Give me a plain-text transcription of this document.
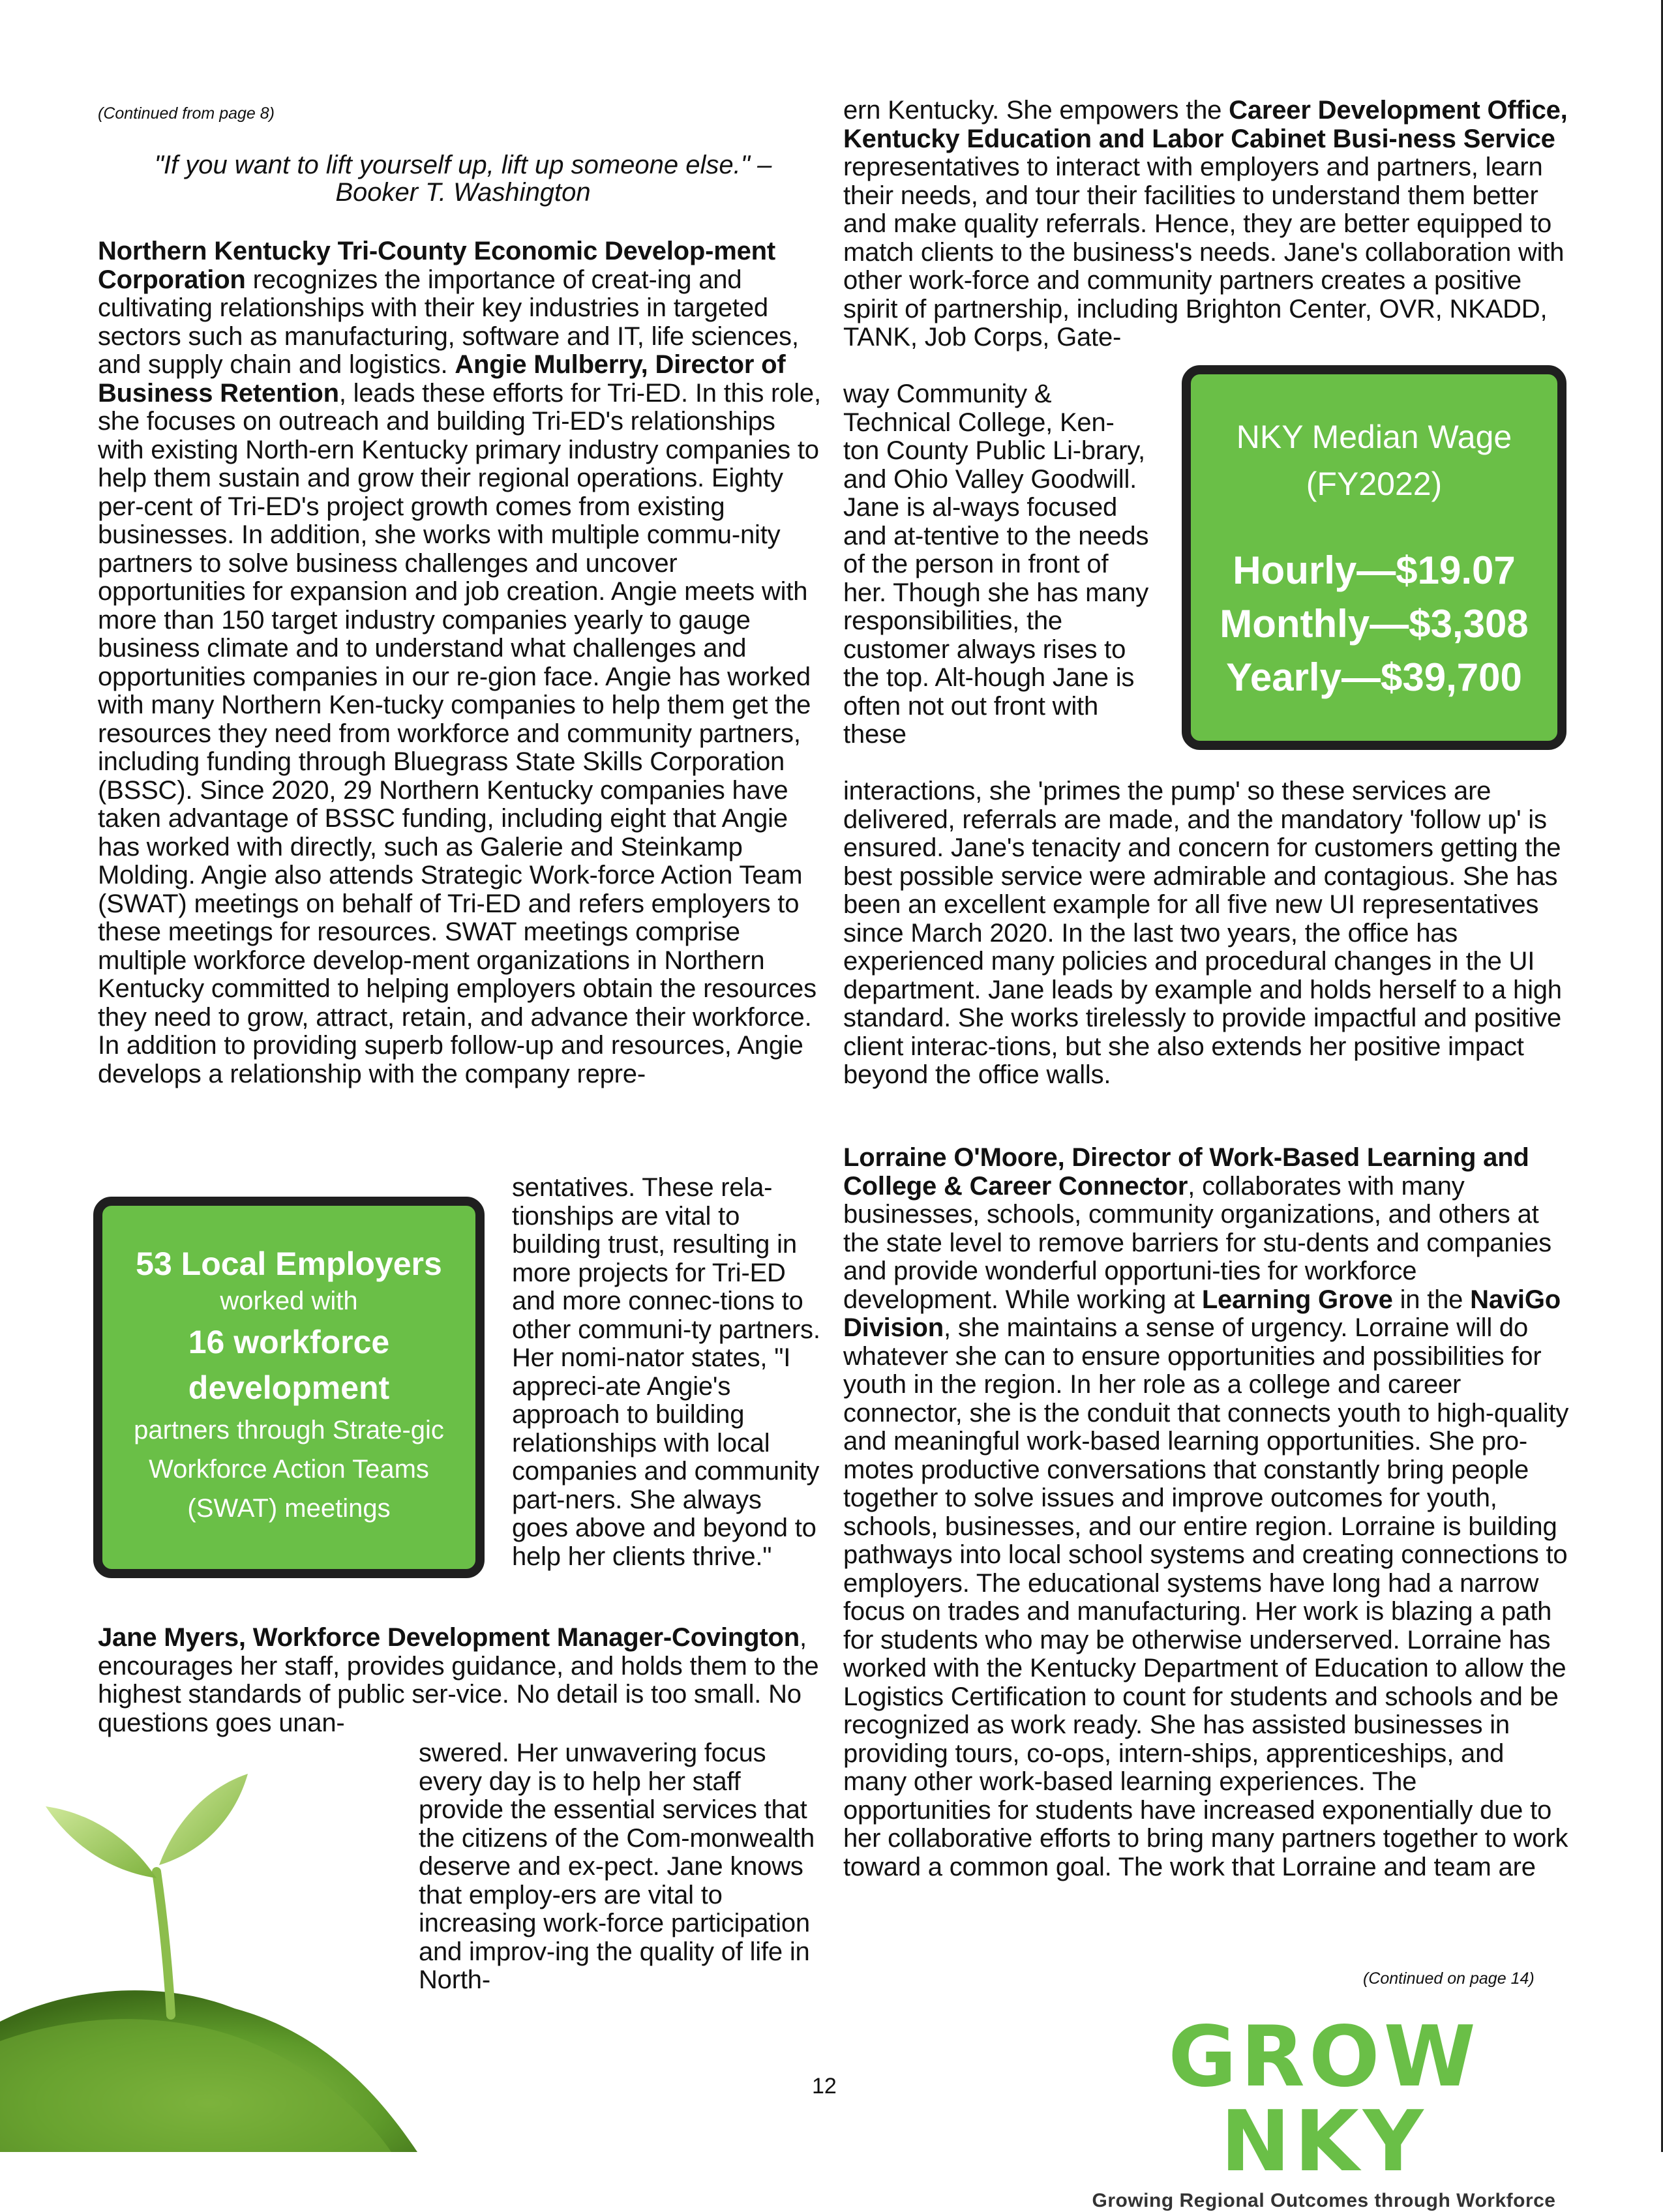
(Continued from page 8)
"If you want to lift yourself up, lift up someone else." –
Booker T. Washington

Northern Kentucky Tri-County Economic Develop-ment Corporation recognizes the importance of creat-ing and cultivating relationships with their key industries in targeted sectors such as manufacturing, software and IT, life sciences, and supply chain and logistics. Angie Mulberry, Director of Business Retention, leads these efforts for Tri-ED. In this role, she focuses on outreach and building Tri-ED's relationships with existing North-ern Kentucky primary industry companies to help them sustain and grow their regional operations. Eighty per-cent of Tri-ED's project growth comes from existing businesses. In addition, she works with multiple commu-nity partners to solve business challenges and uncover opportunities for expansion and job creation. Angie meets with more than 150 target industry companies yearly to gauge business climate and to understand what challenges and opportunities companies in our re-gion face. Angie has worked with many Northern Ken-tucky companies to help them get the resources they need from workforce and community partners, including funding through Bluegrass State Skills Corporation (BSSC). Since 2020, 29 Northern Kentucky companies have taken advantage of BSSC funding, including eight that Angie has worked with directly, such as Galerie and Steinkamp Molding. Angie also attends Strategic Work-force Action Team (SWAT) meetings on behalf of Tri-ED and refers employers to these meetings for resources. SWAT meetings comprise multiple workforce develop-ment organizations in Northern Kentucky committed to helping employers obtain the resources they need to grow, attract, retain, and advance their workforce. In addition to providing superb follow-up and resources, Angie develops a relationship with the company repre-

sentatives. These rela-tionships are vital to building trust, resulting in more projects for Tri-ED and more connec-tions to other communi-ty partners. Her nomi-nator states, "I appreci-ate Angie's approach to building relationships with local companies and community part-ners. She always goes above and beyond to help her clients thrive."

53 Local Employers
worked with
16 workforce development
partners through Strate-gic Workforce Action Teams (SWAT) meetings

Jane Myers, Workforce Development Manager-Covington, encourages her staff, provides guidance, and holds them to the highest standards of public ser-vice. No detail is too small. No questions goes unan-

swered. Her unwavering focus every day is to help her staff provide the essential services that the citizens of the Com-monwealth deserve and ex-pect. Jane knows that employ-ers are vital to increasing work-force participation and improv-ing the quality of life in North-

ern Kentucky. She empowers the Career Development Office, Kentucky Education and Labor Cabinet Busi-ness Service representatives to interact with employers and partners, learn their needs, and tour their facilities to understand them better and make quality referrals. Hence, they are better equipped to match clients to the business's needs. Jane's collaboration with other work-force and community partners creates a positive spirit of partnership, including Brighton Center, OVR, NKADD, TANK, Job Corps, Gate-

way Community & Technical College, Ken-ton County Public Li-brary, and Ohio Valley Goodwill. Jane is al-ways focused and at-tentive to the needs of the person in front of her. Though she has many responsibilities, the customer always rises to the top. Alt-hough Jane is often not out front with these

interactions, she 'primes the pump' so these services are delivered, referrals are made, and the mandatory 'follow up' is ensured. Jane's tenacity and concern for customers getting the best possible service were admirable and contagious. She has been an excellent example for all five new UI representatives since March 2020. In the last two years, the office has experienced many policies and procedural changes in the UI department. Jane leads by example and holds herself to a high standard. She works tirelessly to provide impactful and positive client interac-tions, but she also extends her positive impact beyond the office walls.

NKY Median Wage
(FY2022)
Hourly—$19.07
Monthly—$3,308
Yearly—$39,700

Lorraine O'Moore, Director of Work-Based Learning and College & Career Connector, collaborates with many businesses, schools, community organizations, and others at the state level to remove barriers for stu-dents and companies and provide wonderful opportuni-ties for workforce development. While working at Learning Grove in the NaviGo Division, she maintains a sense of urgency. Lorraine will do whatever she can to ensure opportunities and possibilities for youth in the region. In her role as a college and career connector, she is the conduit that connects youth to high-quality and meaningful work-based learning opportunities. She pro-motes productive conversations that constantly bring people together to solve issues and improve outcomes for youth, schools, businesses, and our entire region. Lorraine is building pathways into local school systems and creating connections to employers. The educational systems have long had a narrow focus on trades and manufacturing. Her work is blazing a path for students who may be otherwise underserved. Lorraine has worked with the Kentucky Department of Education to allow the Logistics Certification to count for students and schools and be recognized as work ready. She has assisted businesses in providing tours, co-ops, intern-ships, apprenticeships, and many other work-based learning experiences. The opportunities for students have increased exponentially due to her collaborative efforts to bring many partners together to work toward a common goal. The work that Lorraine and team are

(Continued on page 14)
GROW NKY
Growing Regional Outcomes through Workforce
12
